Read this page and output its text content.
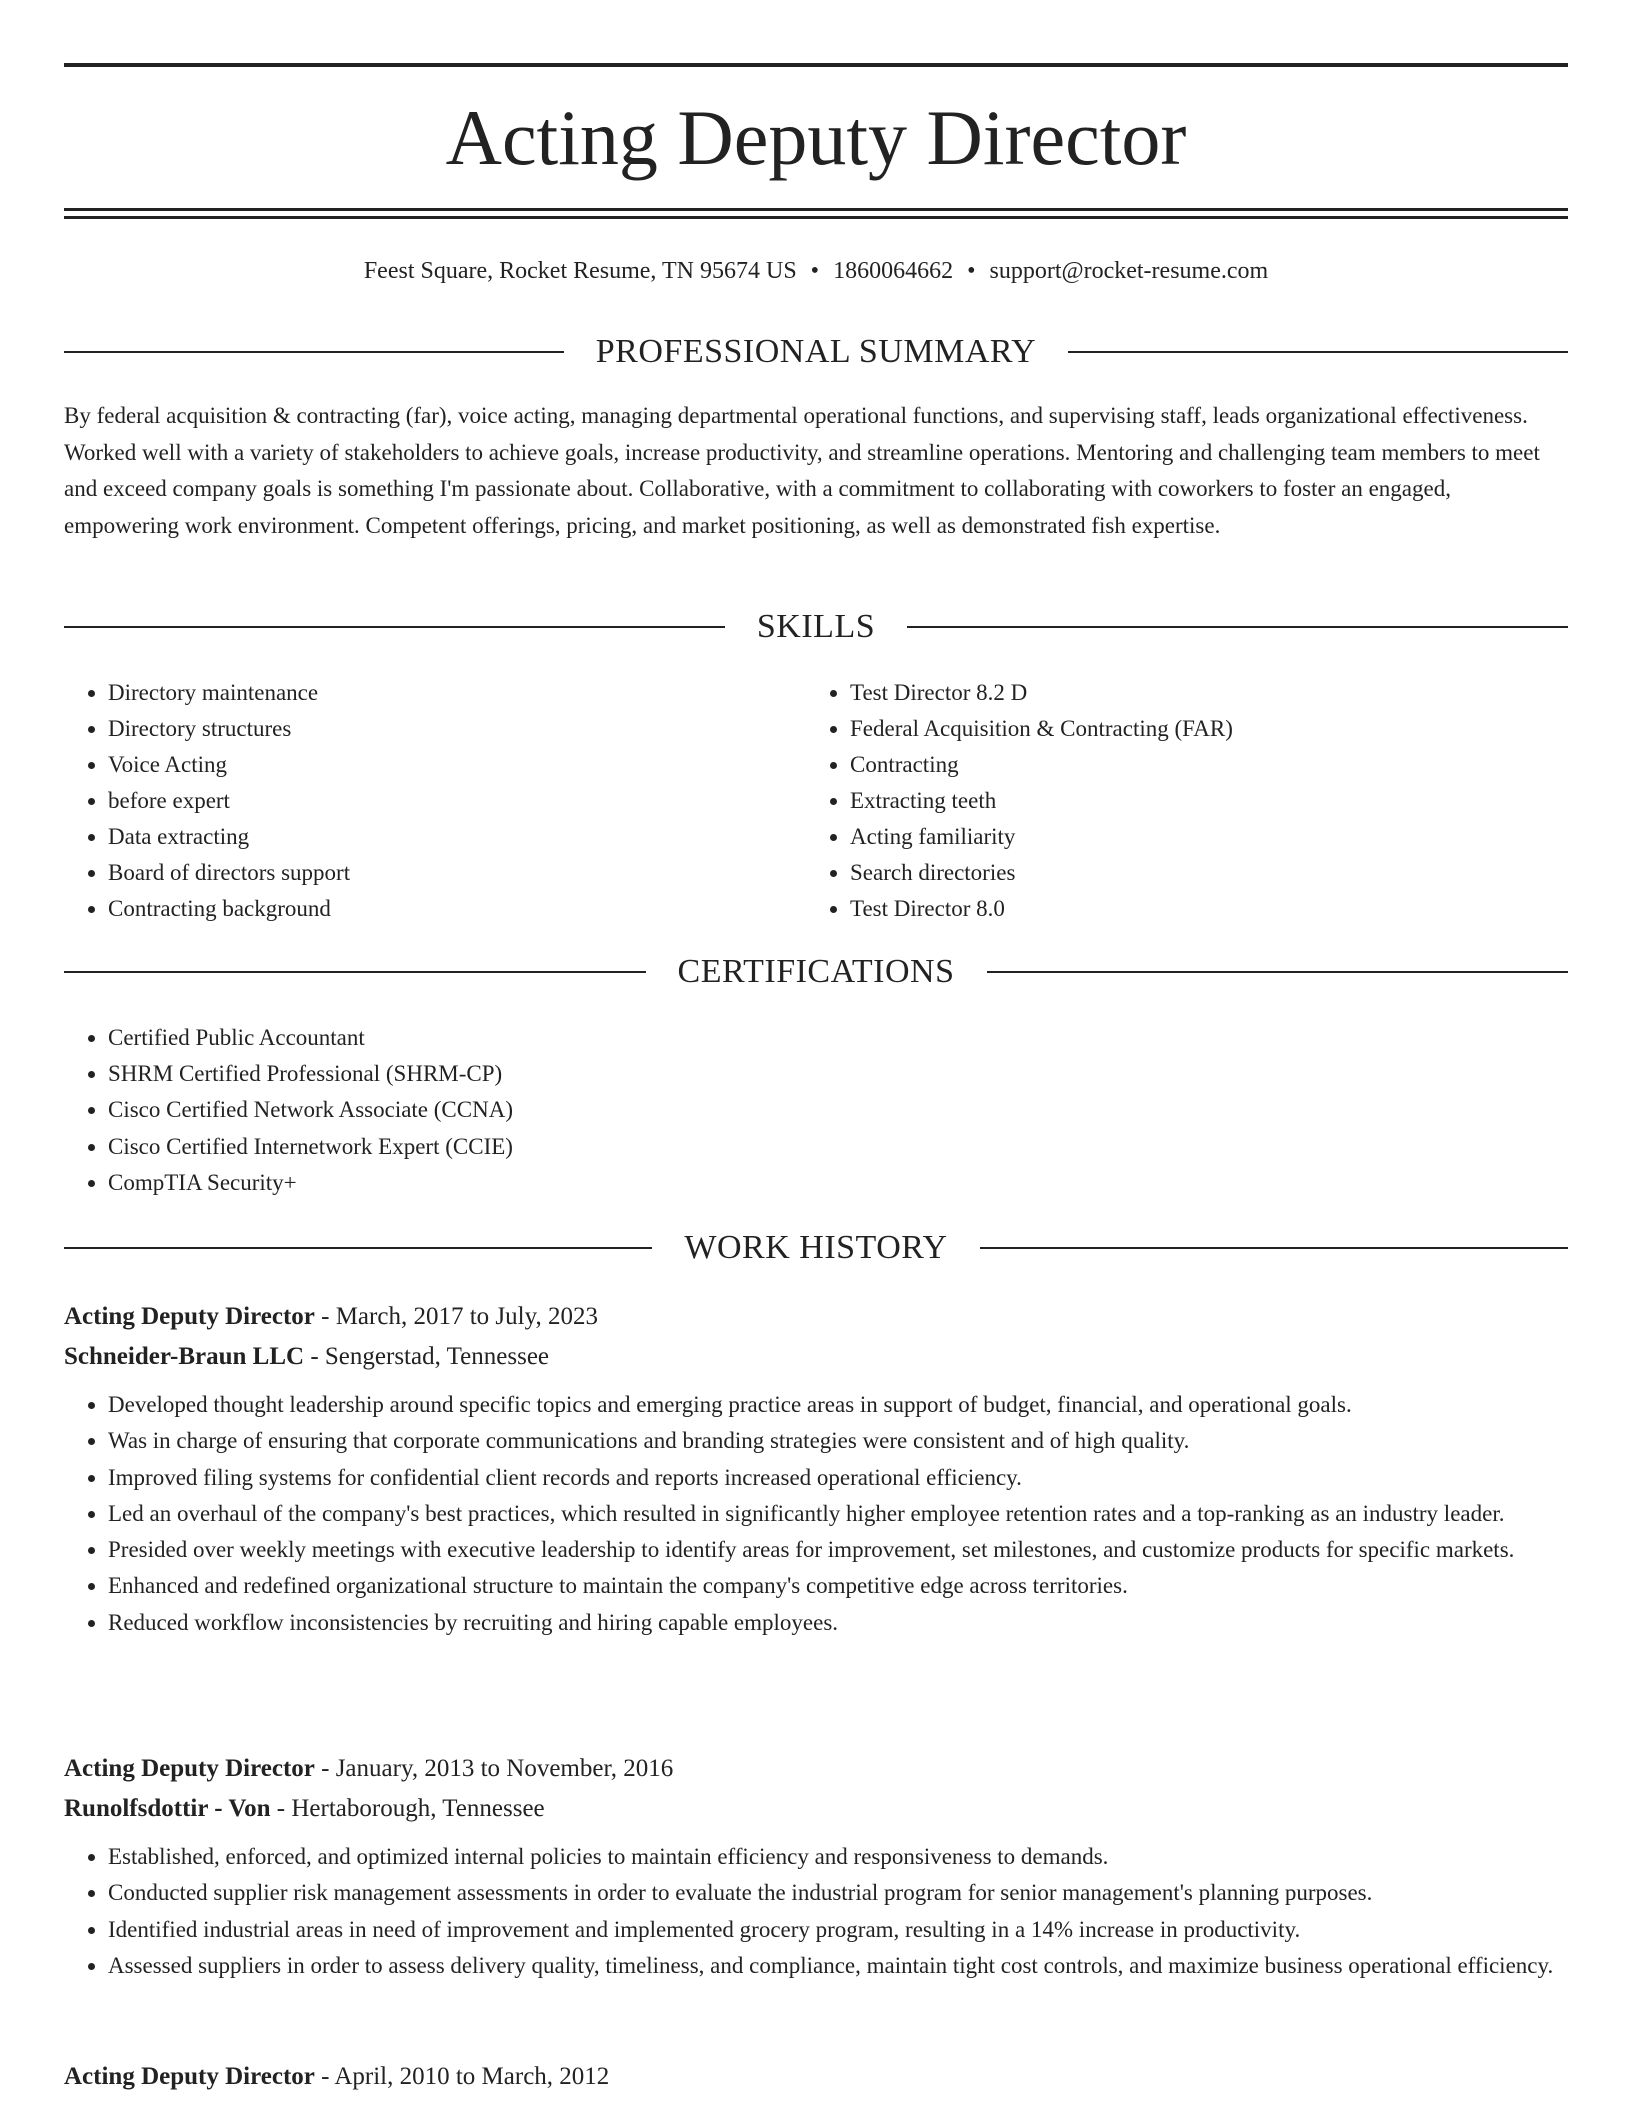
Acting Deputy Director
Feest Square, Rocket Resume, TN 95674 US • 1860064662 • support@rocket-resume.com
PROFESSIONAL SUMMARY

By federal acquisition & contracting (far), voice acting, managing departmental operational functions, and supervising staff, leads organizational effectiveness. Worked well with a variety of stakeholders to achieve goals, increase productivity, and streamline operations. Mentoring and challenging team members to meet and exceed company goals is something I'm passionate about. Collaborative, with a commitment to collaborating with coworkers to foster an engaged, empowering work environment. Competent offerings, pricing, and market positioning, as well as demonstrated fish expertise.

SKILLS
• Directory maintenance
• Directory structures
• Voice Acting
• before expert
• Data extracting
• Board of directors support
• Contracting background
• Test Director 8.2 D
• Federal Acquisition & Contracting (FAR)
• Contracting
• Extracting teeth
• Acting familiarity
• Search directories
• Test Director 8.0
CERTIFICATIONS
• Certified Public Accountant
• SHRM Certified Professional (SHRM-CP)
• Cisco Certified Network Associate (CCNA)
• Cisco Certified Internetwork Expert (CCIE)
• CompTIA Security+
WORK HISTORY
Acting Deputy Director - March, 2017 to July, 2023
Schneider-Braun LLC - Sengerstad, Tennessee
• Developed thought leadership around specific topics and emerging practice areas in support of budget, financial, and operational goals.
• Was in charge of ensuring that corporate communications and branding strategies were consistent and of high quality.
• Improved filing systems for confidential client records and reports increased operational efficiency.
• Led an overhaul of the company's best practices, which resulted in significantly higher employee retention rates and a top-ranking as an industry leader.
• Presided over weekly meetings with executive leadership to identify areas for improvement, set milestones, and customize products for specific markets.
• Enhanced and redefined organizational structure to maintain the company's competitive edge across territories.
• Reduced workflow inconsistencies by recruiting and hiring capable employees.
Acting Deputy Director - January, 2013 to November, 2016
Runolfsdottir - Von - Hertaborough, Tennessee
• Established, enforced, and optimized internal policies to maintain efficiency and responsiveness to demands.
• Conducted supplier risk management assessments in order to evaluate the industrial program for senior management's planning purposes.
• Identified industrial areas in need of improvement and implemented grocery program, resulting in a 14% increase in productivity.
• Assessed suppliers in order to assess delivery quality, timeliness, and compliance, maintain tight cost controls, and maximize business operational efficiency.
Acting Deputy Director - April, 2010 to March, 2012
